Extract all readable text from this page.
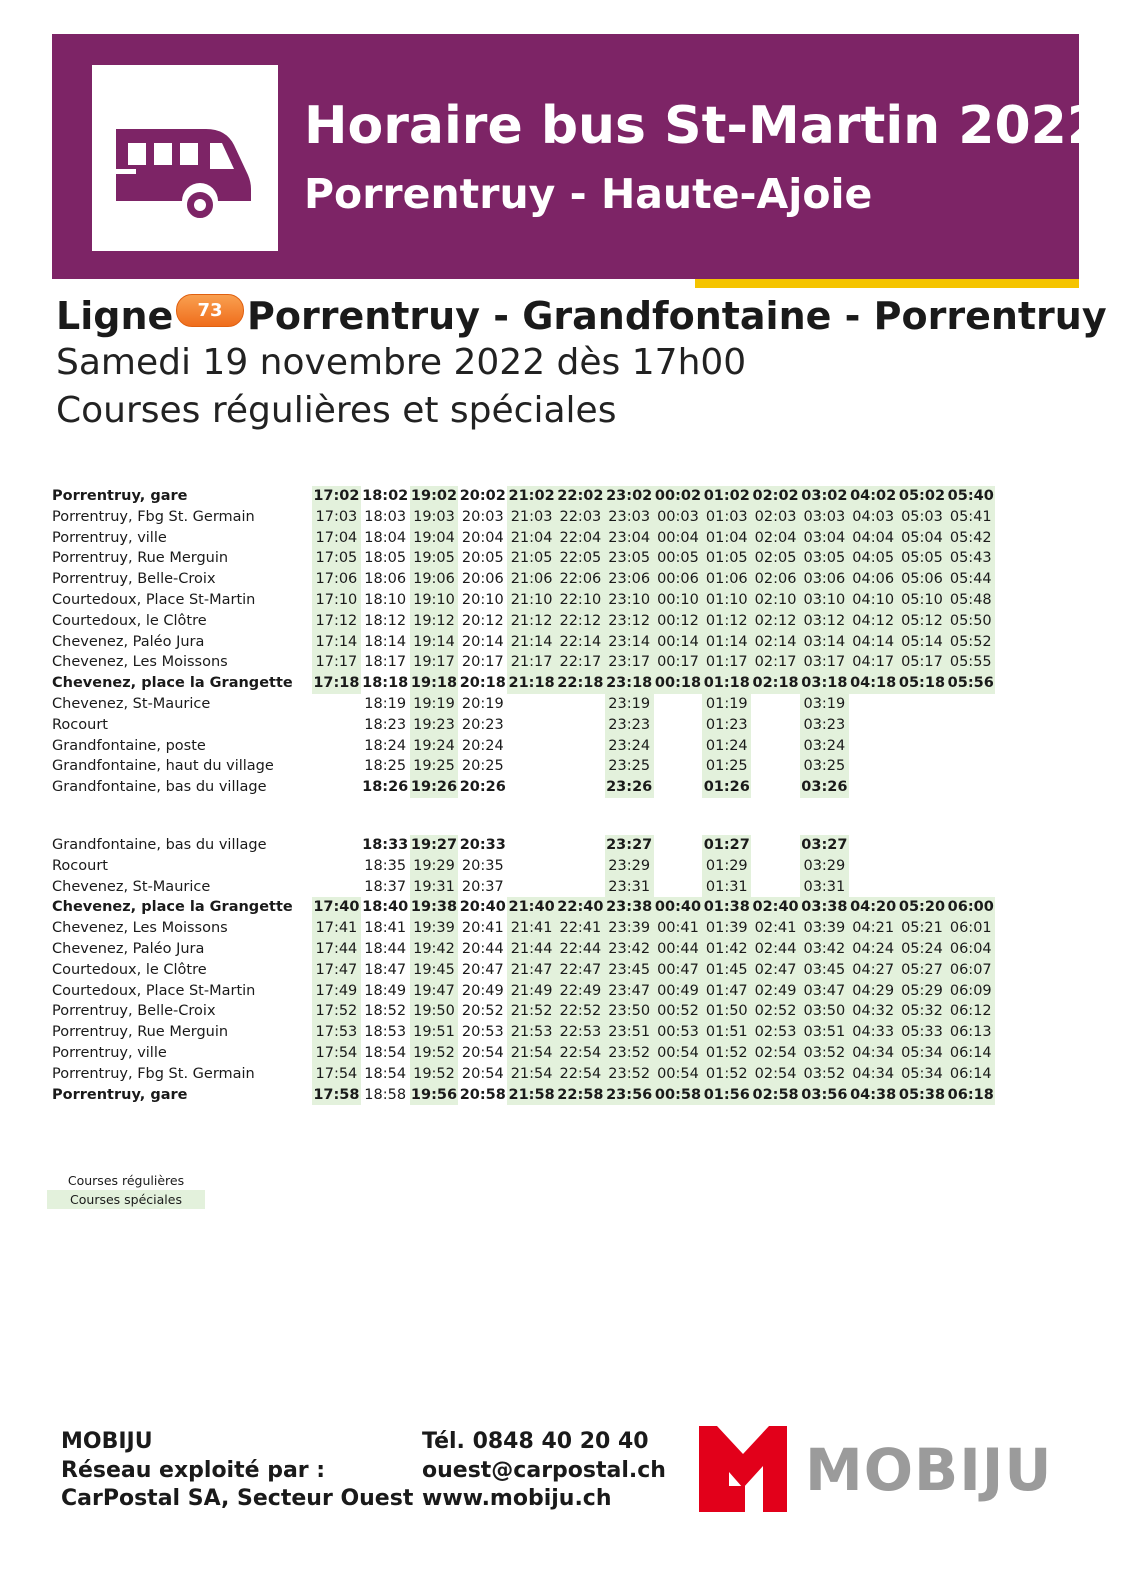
Horaire bus St-Martin 2022
Porrentruy - Haute-Ajoie
Ligne	73 Porrentruy - Grandfontaine - Porrentruy
Samedi 19 novembre 2022 dès 17h00
Courses régulières et spéciales
Porrentruy, gare	17:02	18:02	19:02	20:02	21:02	22:02	23:02	00:02	01:02	02:02	03:02	04:02	05:02	05:40
Porrentruy, Fbg St. Germain	17:03	18:03	19:03	20:03	21:03	22:03	23:03	00:03	01:03	02:03	03:03	04:03	05:03	05:41
Porrentruy, ville	17:04	18:04	19:04	20:04	21:04	22:04	23:04	00:04	01:04	02:04	03:04	04:04	05:04	05:42
Porrentruy, Rue Merguin	17:05	18:05	19:05	20:05	21:05	22:05	23:05	00:05	01:05	02:05	03:05	04:05	05:05	05:43
Porrentruy, Belle-Croix	17:06	18:06	19:06	20:06	21:06	22:06	23:06	00:06	01:06	02:06	03:06	04:06	05:06	05:44
Courtedoux, Place St-Martin	17:10	18:10	19:10	20:10	21:10	22:10	23:10	00:10	01:10	02:10	03:10	04:10	05:10	05:48
Courtedoux, le Clôtre	17:12	18:12	19:12	20:12	21:12	22:12	23:12	00:12	01:12	02:12	03:12	04:12	05:12	05:50
Chevenez, Paléo Jura	17:14	18:14	19:14	20:14	21:14	22:14	23:14	00:14	01:14	02:14	03:14	04:14	05:14	05:52
Chevenez, Les Moissons	17:17	18:17	19:17	20:17	21:17	22:17	23:17	00:17	01:17	02:17	03:17	04:17	05:17	05:55
Chevenez, place la Grangette	17:18	18:18	19:18	20:18	21:18	22:18	23:18	00:18	01:18	02:18	03:18	04:18	05:18	05:56
Chevenez, St-Maurice		18:19	19:19	20:19			23:19		01:19		03:19			
Rocourt		18:23	19:23	20:23			23:23		01:23		03:23			
Grandfontaine, poste		18:24	19:24	20:24			23:24		01:24		03:24			
Grandfontaine, haut du village		18:25	19:25	20:25			23:25		01:25		03:25			
Grandfontaine, bas du village		18:26	19:26	20:26			23:26		01:26		03:26			
Grandfontaine, bas du village		18:33	19:27	20:33			23:27		01:27		03:27			
Rocourt		18:35	19:29	20:35			23:29		01:29		03:29			
Chevenez, St-Maurice		18:37	19:31	20:37			23:31		01:31		03:31			
Chevenez, place la Grangette	17:40	18:40	19:38	20:40	21:40	22:40	23:38	00:40	01:38	02:40	03:38	04:20	05:20	06:00
Chevenez, Les Moissons	17:41	18:41	19:39	20:41	21:41	22:41	23:39	00:41	01:39	02:41	03:39	04:21	05:21	06:01
Chevenez, Paléo Jura	17:44	18:44	19:42	20:44	21:44	22:44	23:42	00:44	01:42	02:44	03:42	04:24	05:24	06:04
Courtedoux, le Clôtre	17:47	18:47	19:45	20:47	21:47	22:47	23:45	00:47	01:45	02:47	03:45	04:27	05:27	06:07
Courtedoux, Place St-Martin	17:49	18:49	19:47	20:49	21:49	22:49	23:47	00:49	01:47	02:49	03:47	04:29	05:29	06:09
Porrentruy, Belle-Croix	17:52	18:52	19:50	20:52	21:52	22:52	23:50	00:52	01:50	02:52	03:50	04:32	05:32	06:12
Porrentruy, Rue Merguin	17:53	18:53	19:51	20:53	21:53	22:53	23:51	00:53	01:51	02:53	03:51	04:33	05:33	06:13
Porrentruy, ville	17:54	18:54	19:52	20:54	21:54	22:54	23:52	00:54	01:52	02:54	03:52	04:34	05:34	06:14
Porrentruy, Fbg St. Germain	17:54	18:54	19:52	20:54	21:54	22:54	23:52	00:54	01:52	02:54	03:52	04:34	05:34	06:14
Porrentruy, gare	17:58	18:58	19:56	20:58	21:58	22:58	23:56	00:58	01:56	02:58	03:56	04:38	05:38	06:18
Courses régulières
Courses spéciales
MOBIJU
Réseau exploité par :
CarPostal SA, Secteur Ouest
Tél. 0848 40 20 40
ouest@carpostal.ch
www.mobiju.ch	MOBIJU
